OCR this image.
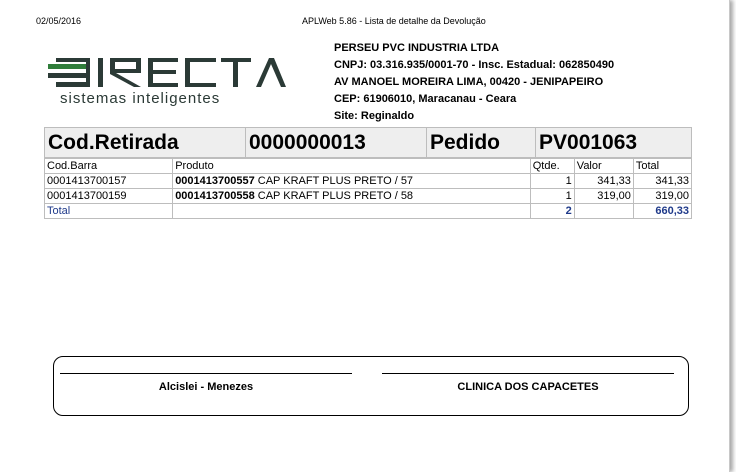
02/05/2016	APLWeb 5.86 - Lista de detalhe da Devolução
sistemas inteligentes
PERSEU PVC INDUSTRIA LTDA
CNPJ: 03.316.935/0001-70 - Insc. Estadual: 062850490
AV MANOEL MOREIRA LIMA, 00420 - JENIPAPEIRO
CEP: 61906010, Maracanau - Ceara
Site: Reginaldo
Cod.Retirada	0000000013	Pedido	PV001063
Cod.Barra	Produto	Qtde.	Valor	Total
0001413700157	0001413700557 CAP KRAFT PLUS PRETO / 57	1	341,33	341,33
0001413700159	0001413700558 CAP KRAFT PLUS PRETO / 58	1	319,00	319,00
Total		2		660,33
Alcislei - Menezes	CLINICA DOS CAPACETES
